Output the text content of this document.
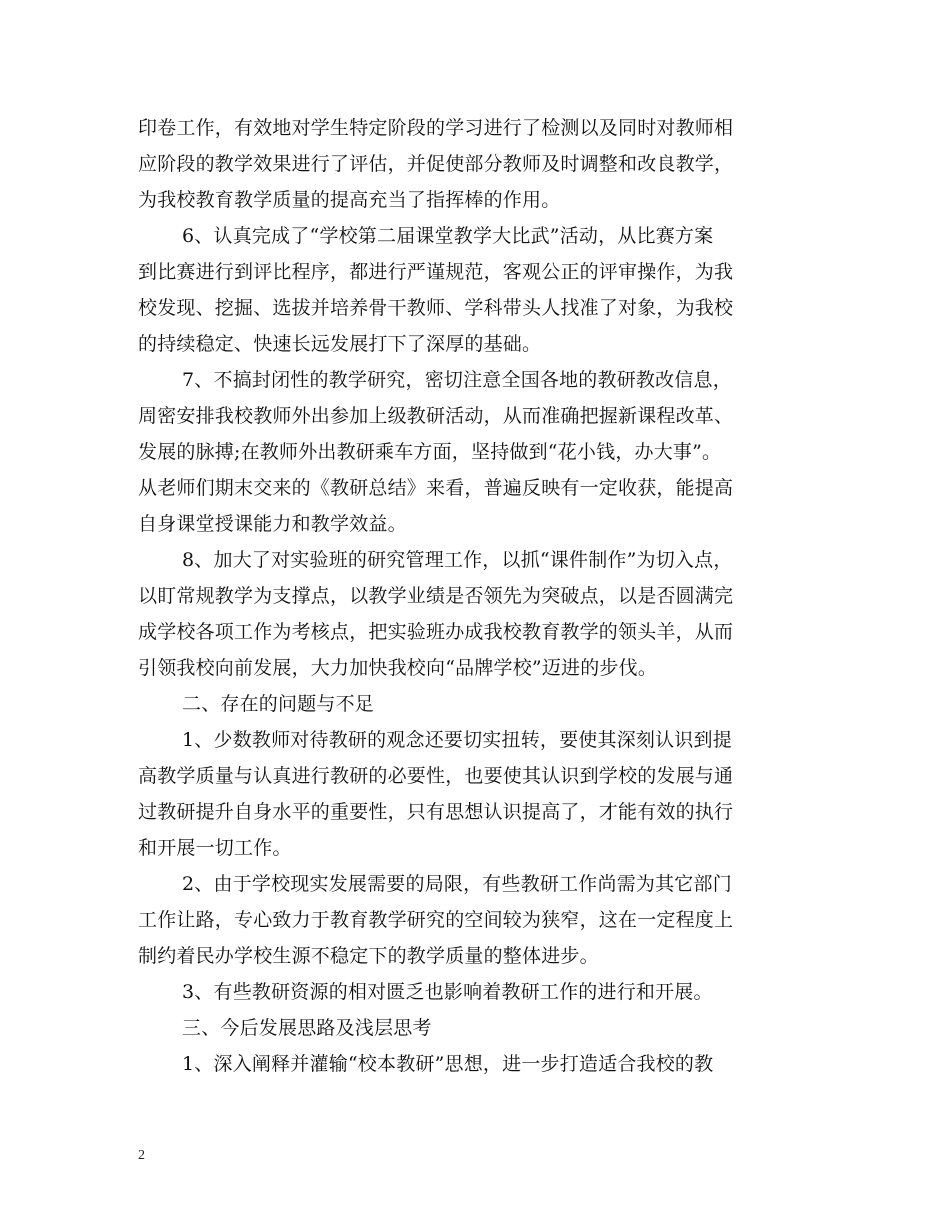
印卷工作，有效地对学生特定阶段的学习进行了检测以及同时对教师相
应阶段的教学效果进行了评估，并促使部分教师及时调整和改良教学，
为我校教育教学质量的提高充当了指挥棒的作用。
6、认真完成了“学校第二届课堂教学大比武”活动，从比赛方案
到比赛进行到评比程序，都进行严谨规范，客观公正的评审操作，为我
校发现、挖掘、选拔并培养骨干教师、学科带头人找准了对象，为我校
的持续稳定、快速长远发展打下了深厚的基础。
7、不搞封闭性的教学研究，密切注意全国各地的教研教改信息，
周密安排我校教师外出参加上级教研活动，从而准确把握新课程改革、
发展的脉搏;在教师外出教研乘车方面，坚持做到“花小钱，办大事”。
从老师们期末交来的《教研总结》来看，普遍反映有一定收获，能提高
自身课堂授课能力和教学效益。
8、加大了对实验班的研究管理工作，以抓“课件制作”为切入点，
以盯常规教学为支撑点，以教学业绩是否领先为突破点，以是否圆满完
成学校各项工作为考核点，把实验班办成我校教育教学的领头羊，从而
引领我校向前发展，大力加快我校向“品牌学校”迈进的步伐。
二、存在的问题与不足
1、少数教师对待教研的观念还要切实扭转，要使其深刻认识到提
高教学质量与认真进行教研的必要性，也要使其认识到学校的发展与通
过教研提升自身水平的重要性，只有思想认识提高了，才能有效的执行
和开展一切工作。
2、由于学校现实发展需要的局限，有些教研工作尚需为其它部门
工作让路，专心致力于教育教学研究的空间较为狭窄，这在一定程度上
制约着民办学校生源不稳定下的教学质量的整体进步。
3、有些教研资源的相对匮乏也影响着教研工作的进行和开展。
三、今后发展思路及浅层思考
1、深入阐释并灌输“校本教研”思想，进一步打造适合我校的教
2
